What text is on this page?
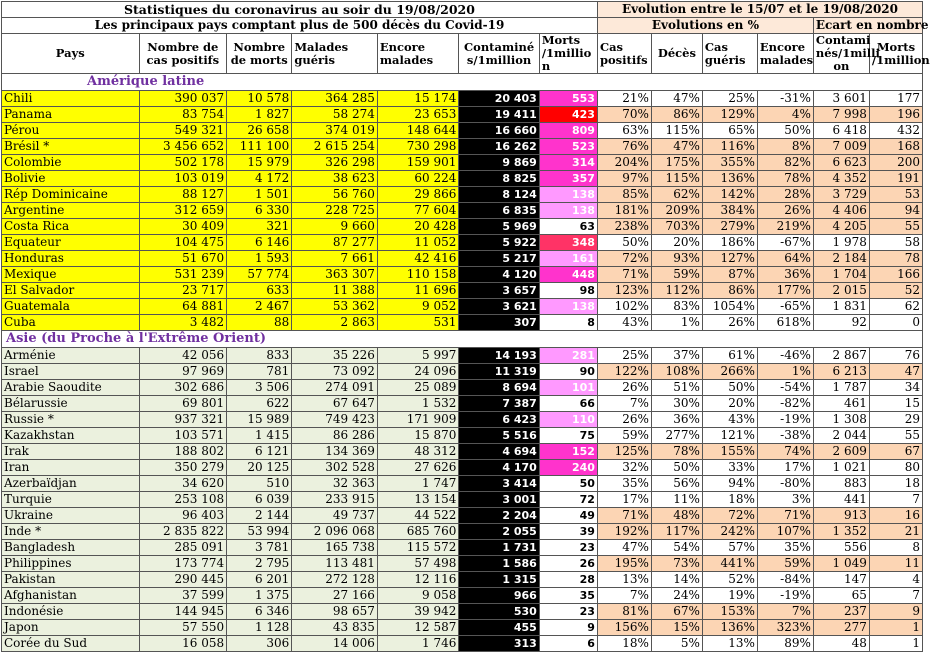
Statistiques du coronavirus au soir du 19/08/2020							Evolution entre le 15/07 et le 19/08/2020					
Les principaux pays comptant plus de 500 décès du Covid-19							Evolutions en %				Ecart en nombre	
Pays	Nombre de cas positifs	Nombre de morts	Malades guéris	Encore malades	Contaminé s/1million	Morts /1millio n	Cas positifs	Décès	Cas guéris	Encore malades	Contami nés/1milli on	Morts /1million
Amérique latine												
Chili	390 037	10 578	364 285	15 174	20 403	553	21%	47%	25%	-31%	3 601	177
Panama	83 754	1 827	58 274	23 653	19 411	423	70%	86%	129%	4%	7 998	196
Pérou	549 321	26 658	374 019	148 644	16 660	809	63%	115%	65%	50%	6 418	432
Brésil *	3 456 652	111 100	2 615 254	730 298	16 262	523	76%	47%	116%	8%	7 009	168
Colombie	502 178	15 979	326 298	159 901	9 869	314	204%	175%	355%	82%	6 623	200
Bolivie	103 019	4 172	38 623	60 224	8 825	357	97%	115%	136%	78%	4 352	191
Rép Dominicaine	88 127	1 501	56 760	29 866	8 124	138	85%	62%	142%	28%	3 729	53
Argentine	312 659	6 330	228 725	77 604	6 835	138	181%	209%	384%	26%	4 406	94
Costa Rica	30 409	321	9 660	20 428	5 969	63	238%	703%	279%	219%	4 205	55
Equateur	104 475	6 146	87 277	11 052	5 922	348	50%	20%	186%	-67%	1 978	58
Honduras	51 670	1 593	7 661	42 416	5 217	161	72%	93%	127%	64%	2 184	78
Mexique	531 239	57 774	363 307	110 158	4 120	448	71%	59%	87%	36%	1 704	166
El Salvador	23 717	633	11 388	11 696	3 657	98	123%	112%	86%	177%	2 015	52
Guatemala	64 881	2 467	53 362	9 052	3 621	138	102%	83%	1054%	-65%	1 831	62
Cuba	3 482	88	2 863	531	307	8	43%	1%	26%	618%	92	0
Asie (du Proche à l'Extrême Orient)												
Arménie	42 056	833	35 226	5 997	14 193	281	25%	37%	61%	-46%	2 867	76
Israel	97 969	781	73 092	24 096	11 319	90	122%	108%	266%	1%	6 213	47
Arabie Saoudite	302 686	3 506	274 091	25 089	8 694	101	26%	51%	50%	-54%	1 787	34
Bélarussie	69 801	622	67 647	1 532	7 387	66	7%	30%	20%	-82%	461	15
Russie *	937 321	15 989	749 423	171 909	6 423	110	26%	36%	43%	-19%	1 308	29
Kazakhstan	103 571	1 415	86 286	15 870	5 516	75	59%	277%	121%	-38%	2 044	55
Irak	188 802	6 121	134 369	48 312	4 694	152	125%	78%	155%	74%	2 609	67
Iran	350 279	20 125	302 528	27 626	4 170	240	32%	50%	33%	17%	1 021	80
Azerbaïdjan	34 620	510	32 363	1 747	3 414	50	35%	56%	94%	-80%	883	18
Turquie	253 108	6 039	233 915	13 154	3 001	72	17%	11%	18%	3%	441	7
Ukraine	96 403	2 144	49 737	44 522	2 204	49	71%	48%	72%	71%	913	16
Inde *	2 835 822	53 994	2 096 068	685 760	2 055	39	192%	117%	242%	107%	1 352	21
Bangladesh	285 091	3 781	165 738	115 572	1 731	23	47%	54%	57%	35%	556	8
Philippines	173 774	2 795	113 481	57 498	1 586	26	195%	73%	441%	59%	1 049	11
Pakistan	290 445	6 201	272 128	12 116	1 315	28	13%	14%	52%	-84%	147	4
Afghanistan	37 599	1 375	27 166	9 058	966	35	7%	24%	19%	-19%	65	7
Indonésie	144 945	6 346	98 657	39 942	530	23	81%	67%	153%	7%	237	9
Japon	57 550	1 128	43 835	12 587	455	9	156%	15%	136%	323%	277	1
Corée du Sud	16 058	306	14 006	1 746	313	6	18%	5%	13%	89%	48	1
